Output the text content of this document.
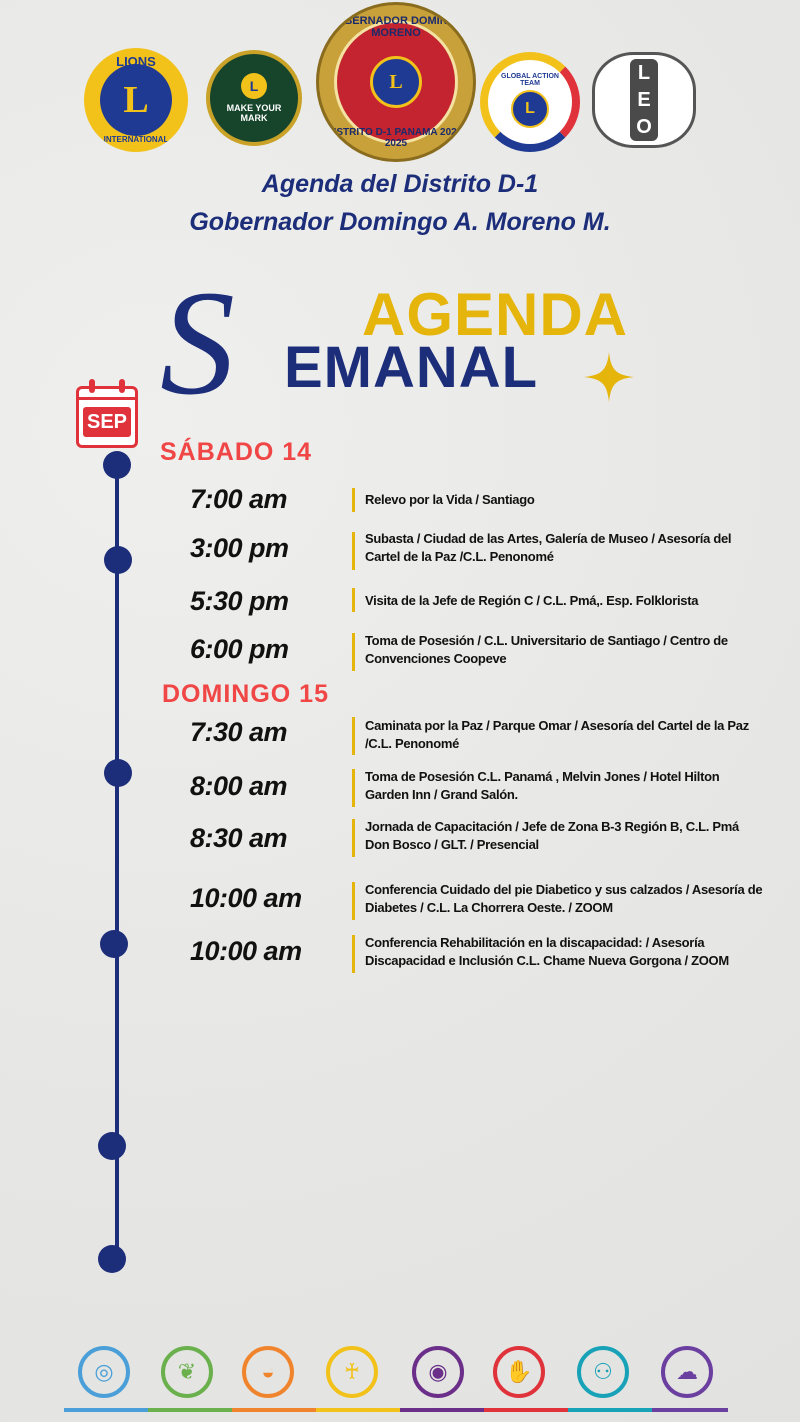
LIONS
L
INTERNATIONAL
L
MAKE YOUR MARK
GOBERNADOR DOMINGO MORENO
L
DISTRITO D-1 PANAMA 2024-2025
GLOBAL ACTION TEAM
L
L
E
O
Agenda del Distrito D-1
Gobernador Domingo A. Moreno M.
S AGENDA
EMANAL
SEP
SÁBADO 14
7:00 am	Relevo por la Vida / Santiago
3:00 pm	Subasta / Ciudad de las Artes, Galería de Museo / Asesoría del
Cartel de la Paz /C.L. Penonomé
5:30 pm	Visita de la Jefe de Región C / C.L. Pmá,. Esp. Folklorista
6:00 pm	Toma de Posesión / C.L. Universitario de Santiago / Centro de
Convenciones Coopeve
DOMINGO 15
7:30 am	Caminata por la Paz / Parque Omar / Asesoría del Cartel de la Paz
/C.L. Penonomé
8:00 am	Toma de Posesión C.L. Panamá , Melvin Jones / Hotel Hilton
Garden Inn / Grand Salón.
8:30 am	Jornada de Capacitación / Jefe de Zona B-3 Región B, C.L. Pmá
Don Bosco / GLT. / Presencial
10:00 am	Conferencia Cuidado del pie Diabetico y sus calzados / Asesoría de
Diabetes / C.L. La Chorrera Oeste. / ZOOM
10:00 am	Conferencia Rehabilitación en la discapacidad: / Asesoría
Discapacidad e Inclusión C.L. Chame Nueva Gorgona / ZOOM
◎	❦	◒	♰	◉	✋	⚇	☁
